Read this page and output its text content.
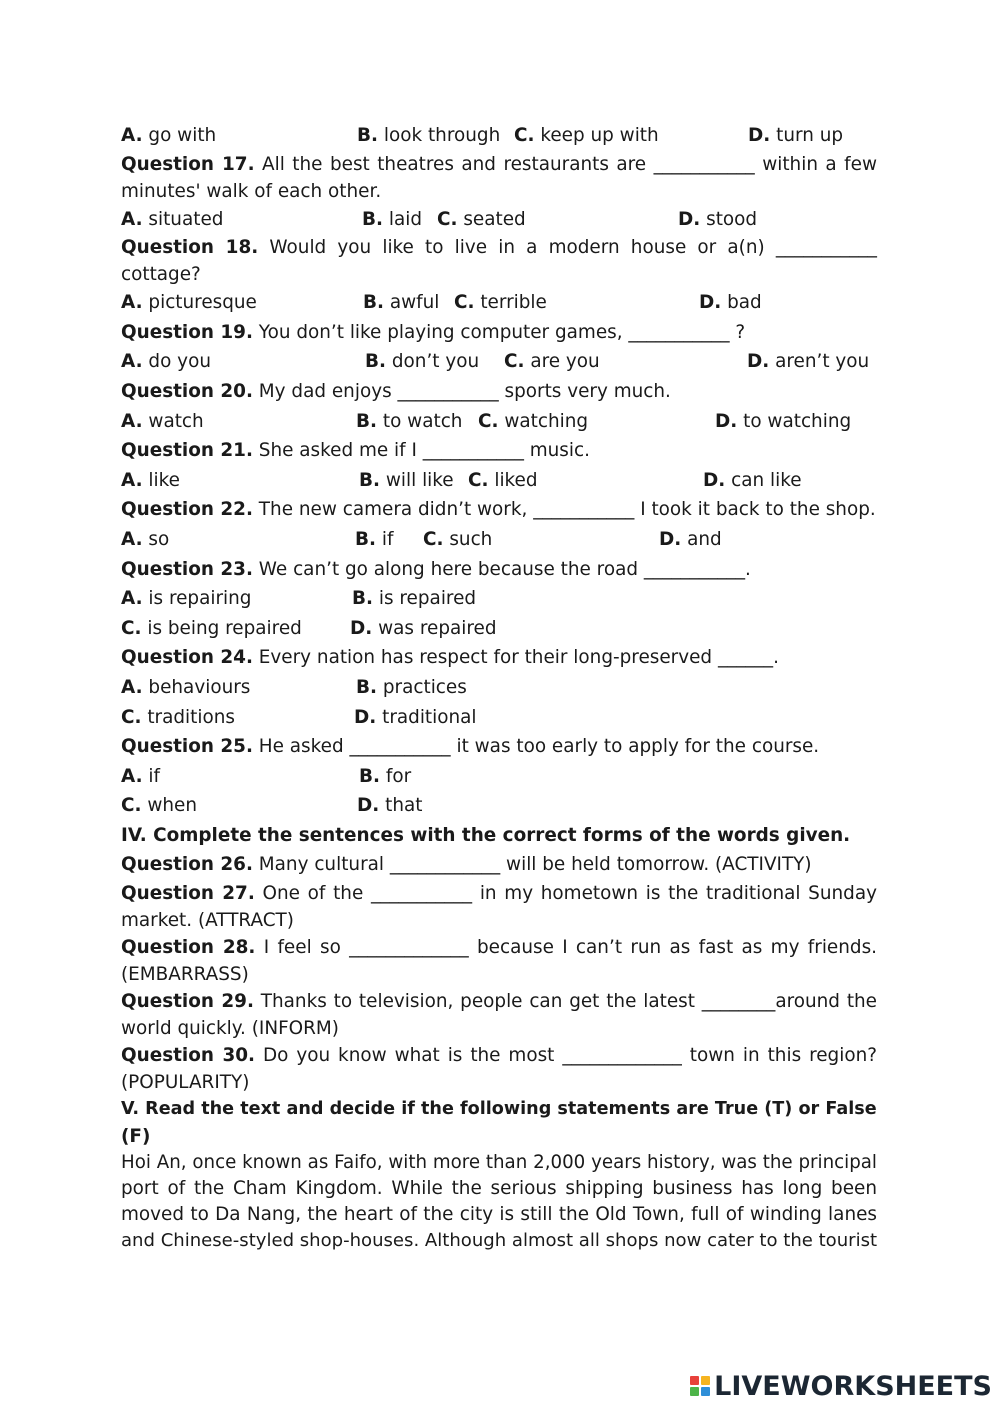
A. go with	B. look through C. keep up with	D. turn up
Question 17. All the best theatres and restaurants are ___________ within a few
minutes' walk of each other.
A. situated	B. laid C. seated	D. stood
Question 18. Would you like to live in a modern house or a(n) ___________
cottage?
A. picturesque	B. awful C. terrible	D. bad
Question 19. You don’t like playing computer games, ___________ ?
A. do you	B. don’t you C. are you	D. aren’t you
Question 20. My dad enjoys ___________ sports very much.
A. watch	B. to watch C. watching	D. to watching
Question 21. She asked me if I ___________ music.
A. like	B. will like C. liked	D. can like
Question 22. The new camera didn’t work, ___________ I took it back to the shop.
A. so	B. if C. such	D. and
Question 23. We can’t go along here because the road ___________.
A. is repairing	B. is repaired
C. is being repaired	D. was repaired
Question 24. Every nation has respect for their long-preserved ______.
A. behaviours	B. practices
C. traditions	D. traditional
Question 25. He asked ___________ it was too early to apply for the course.
A. if	B. for
C. when	D. that
IV. Complete the sentences with the correct forms of the words given.
Question 26. Many cultural ____________ will be held tomorrow. (ACTIVITY)
Question 27. One of the ___________ in my hometown is the traditional Sunday
market. (ATTRACT)
Question 28. I feel so _____________ because I can’t run as fast as my friends.
(EMBARRASS)
Question 29. Thanks to television, people can get the latest ________around the
world quickly. (INFORM)
Question 30. Do you know what is the most _____________ town in this region?
(POPULARITY)
V. Read the text and decide if the following statements are True (T) or False
(F)
Hoi An, once known as Faifo, with more than 2,000 years history, was the principal
port of the Cham Kingdom. While the serious shipping business has long been
moved to Da Nang, the heart of the city is still the Old Town, full of winding lanes
and Chinese-styled shop-houses. Although almost all shops now cater to the tourist
LIVEWORKSHEETS
